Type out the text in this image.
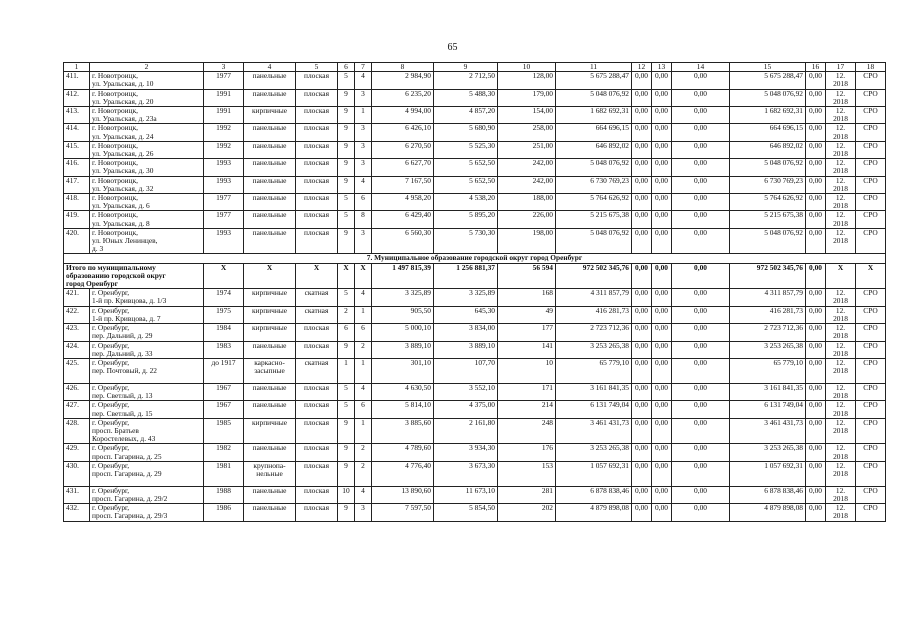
65
1	2	3	4	5	6	7	8	9	10	11	12	13	14	15	16	17	18
411.	г. Новотроицк,
ул. Уральская, д. 10	1977	панельные	плоская	5	4	2 984,90	2 712,50	128,00	5 675 288,47	0,00	0,00	0,00	5 675 288,47	0,00	12.
2018	СРО
412.	г. Новотроицк,
ул. Уральская, д. 20	1991	панельные	плоская	9	3	6 235,20	5 488,30	179,00	5 048 076,92	0,00	0,00	0,00	5 048 076,92	0,00	12.
2018	СРО
413.	г. Новотроицк,
ул. Уральская, д. 23а	1991	кирпичные	плоская	9	1	4 994,00	4 857,20	154,00	1 682 692,31	0,00	0,00	0,00	1 682 692,31	0,00	12.
2018	СРО
414.	г. Новотроицк,
ул. Уральская, д. 24	1992	панельные	плоская	9	3	6 426,10	5 680,90	258,00	664 696,15	0,00	0,00	0,00	664 696,15	0,00	12.
2018	СРО
415.	г. Новотроицк,
ул. Уральская, д. 26	1992	панельные	плоская	9	3	6 270,50	5 525,30	251,00	646 892,02	0,00	0,00	0,00	646 892,02	0,00	12.
2018	СРО
416.	г. Новотроицк,
ул. Уральская, д. 30	1993	панельные	плоская	9	3	6 627,70	5 652,50	242,00	5 048 076,92	0,00	0,00	0,00	5 048 076,92	0,00	12.
2018	СРО
417.	г. Новотроицк,
ул. Уральская, д. 32	1993	панельные	плоская	9	4	7 167,50	5 652,50	242,00	6 730 769,23	0,00	0,00	0,00	6 730 769,23	0,00	12.
2018	СРО
418.	г. Новотроицк,
ул. Уральская, д. 6	1977	панельные	плоская	5	6	4 958,20	4 538,20	188,00	5 764 626,92	0,00	0,00	0,00	5 764 626,92	0,00	12.
2018	СРО
419.	г. Новотроицк,
ул. Уральская, д. 8	1977	панельные	плоская	5	8	6 429,40	5 895,20	226,00	5 215 675,38	0,00	0,00	0,00	5 215 675,38	0,00	12.
2018	СРО
420.	г. Новотроицк,
ул. Юных Ленинцев,
д. 3	1993	панельные	плоская	9	3	6 560,30	5 730,30	198,00	5 048 076,92	0,00	0,00	0,00	5 048 076,92	0,00	12.
2018	СРО
7. Муниципальное образование городской округ город Оренбург																	
Итого по муниципальному
образованию городской округ
город Оренбург		X	X	X	X	X	1 497 815,39	1 256 881,37	56 594	972 502 345,76	0,00	0,00	0,00	972 502 345,76	0,00	X	X
421.	г. Оренбург,
1-й пр. Кривцова, д. 1/3	1974	кирпичные	скатная	5	4	3 325,89	3 325,89	168	4 311 857,79	0,00	0,00	0,00	4 311 857,79	0,00	12.
2018	СРО
422.	г. Оренбург,
1-й пр. Кривцова, д. 7	1975	кирпичные	скатная	2	1	905,50	645,30	49	416 281,73	0,00	0,00	0,00	416 281,73	0,00	12.
2018	СРО
423.	г. Оренбург,
пер. Дальний, д. 29	1984	кирпичные	плоская	6	6	5 000,10	3 834,00	177	2 723 712,36	0,00	0,00	0,00	2 723 712,36	0,00	12.
2018	СРО
424.	г. Оренбург,
пер. Дальний, д. 33	1983	панельные	плоская	9	2	3 889,10	3 889,10	141	3 253 265,38	0,00	0,00	0,00	3 253 265,38	0,00	12.
2018	СРО
425.	г. Оренбург,
пер. Почтовый, д. 22	до 1917	каркасно-
засыпные	скатная	1	1	301,10	107,70	10	65 779,10	0,00	0,00	0,00	65 779,10	0,00	12.
2018	СРО
426.	г. Оренбург,
пер. Светлый, д. 13	1967	панельные	плоская	5	4	4 630,50	3 552,10	171	3 161 841,35	0,00	0,00	0,00	3 161 841,35	0,00	12.
2018	СРО
427.	г. Оренбург,
пер. Светлый, д. 15	1967	панельные	плоская	5	6	5 814,10	4 375,00	214	6 131 749,04	0,00	0,00	0,00	6 131 749,04	0,00	12.
2018	СРО
428.	г. Оренбург,
просп. Братьев
Коростелевых, д. 43	1985	кирпичные	плоская	9	1	3 885,60	2 161,80	248	3 461 431,73	0,00	0,00	0,00	3 461 431,73	0,00	12.
2018	СРО
429.	г. Оренбург,
просп. Гагарина, д. 25	1982	панельные	плоская	9	2	4 789,60	3 934,30	176	3 253 265,38	0,00	0,00	0,00	3 253 265,38	0,00	12.
2018	СРО
430.	г. Оренбург,
просп. Гагарина, д. 29	1981	крупнопа-
нельные	плоская	9	2	4 776,40	3 673,30	153	1 057 692,31	0,00	0,00	0,00	1 057 692,31	0,00	12.
2018	СРО
431.	г. Оренбург,
просп. Гагарина, д. 29/2	1988	панельные	плоская	10	4	13 890,60	11 673,10	281	6 878 838,46	0,00	0,00	0,00	6 878 838,46	0,00	12.
2018	СРО
432.	г. Оренбург,
просп. Гагарина, д. 29/3	1986	панельные	плоская	9	3	7 597,50	5 854,50	202	4 879 898,08	0,00	0,00	0,00	4 879 898,08	0,00	12.
2018	СРО
